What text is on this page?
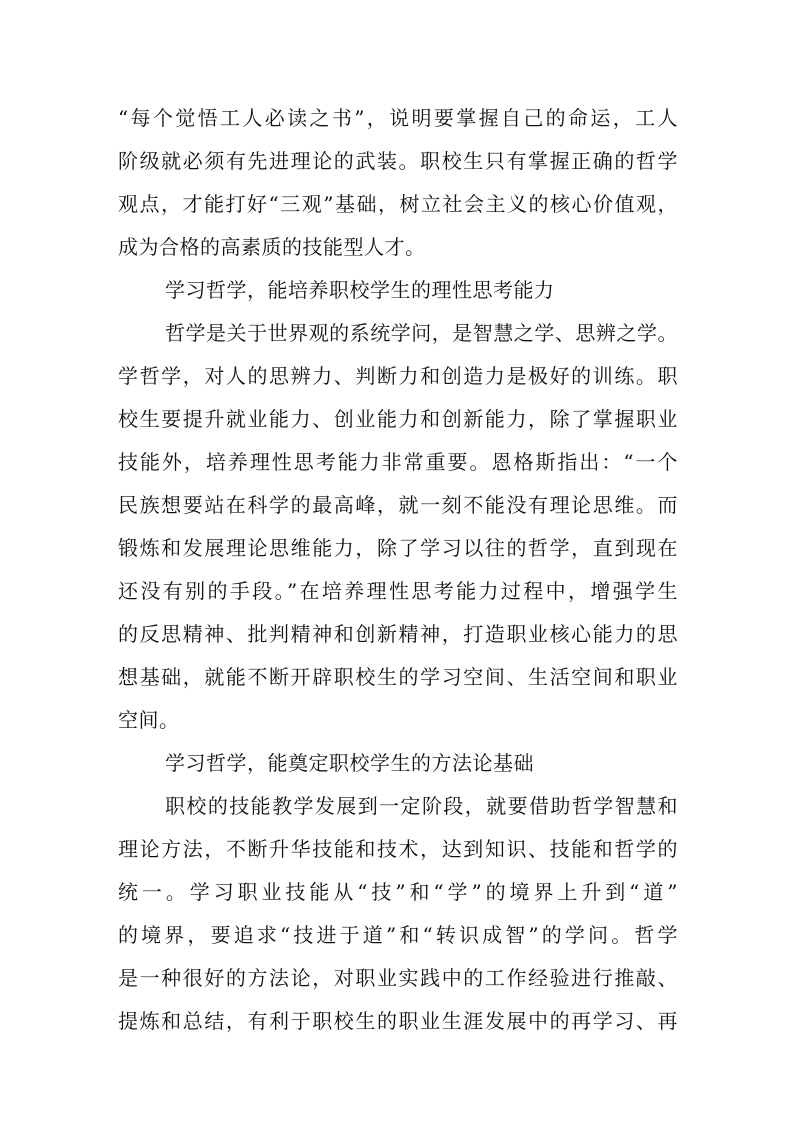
“每个觉悟工人必读之书”，说明要掌握自己的命运，工人
阶级就必须有先进理论的武装。职校生只有掌握正确的哲学
观点，才能打好“三观”基础，树立社会主义的核心价值观，
成为合格的高素质的技能型人才。
学习哲学，能培养职校学生的理性思考能力
哲学是关于世界观的系统学问，是智慧之学、思辨之学。
学哲学，对人的思辨力、判断力和创造力是极好的训练。职
校生要提升就业能力、创业能力和创新能力，除了掌握职业
技能外，培养理性思考能力非常重要。恩格斯指出：“一个
民族想要站在科学的最高峰，就一刻不能没有理论思维。而
锻炼和发展理论思维能力，除了学习以往的哲学，直到现在
还没有别的手段。”在培养理性思考能力过程中，增强学生
的反思精神、批判精神和创新精神，打造职业核心能力的思
想基础，就能不断开辟职校生的学习空间、生活空间和职业
空间。
学习哲学，能奠定职校学生的方法论基础
职校的技能教学发展到一定阶段，就要借助哲学智慧和
理论方法，不断升华技能和技术，达到知识、技能和哲学的
统一。学习职业技能从“技”和“学”的境界上升到“道”
的境界，要追求“技进于道”和“转识成智”的学问。哲学
是一种很好的方法论，对职业实践中的工作经验进行推敲、
提炼和总结，有利于职校生的职业生涯发展中的再学习、再
